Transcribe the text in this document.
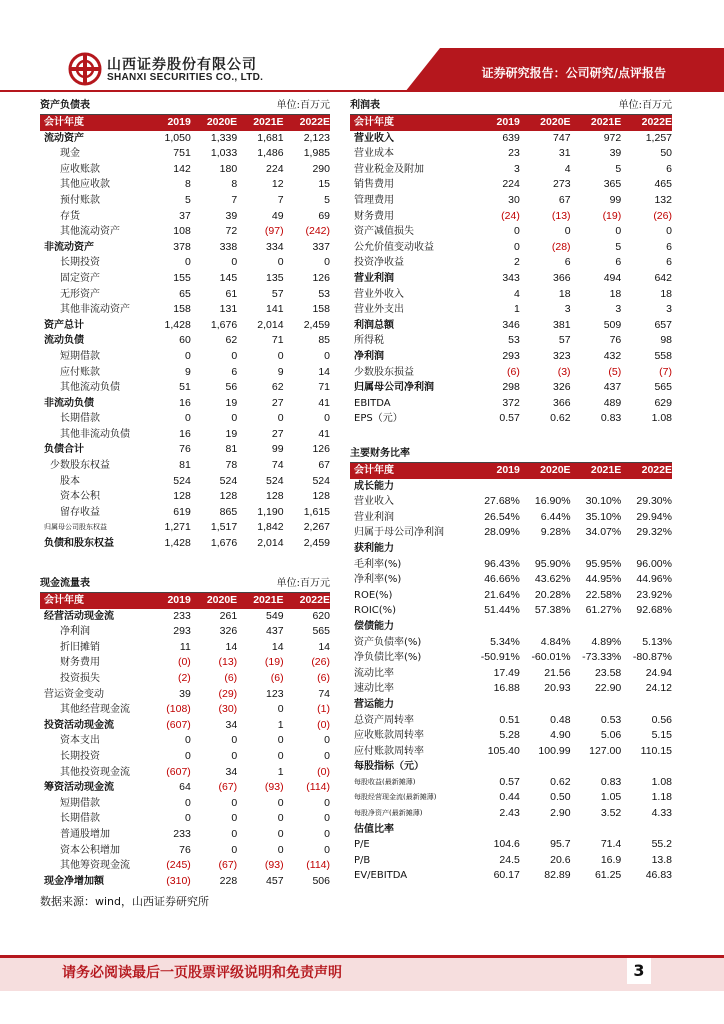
山西证券股份有限公司
SHANXI SECURITIES CO., LTD.	证券研究报告：公司研究/点评报告
资产负债表	单位:百万元
会计年度	2019	2020E	2021E	2022E
流动资产	1,050	1,339	1,681	2,123
现金	751	1,033	1,486	1,985
应收账款	142	180	224	290
其他应收款	8	8	12	15
预付账款	5	7	7	5
存货	37	39	49	69
其他流动资产	108	72	(97)	(242)
非流动资产	378	338	334	337
长期投资	0	0	0	0
固定资产	155	145	135	126
无形资产	65	61	57	53
其他非流动资产	158	131	141	158
资产总计	1,428	1,676	2,014	2,459
流动负债	60	62	71	85
短期借款	0	0	0	0
应付账款	9	6	9	14
其他流动负债	51	56	62	71
非流动负债	16	19	27	41
长期借款	0	0	0	0
其他非流动负债	16	19	27	41
负债合计	76	81	99	126
少数股东权益	81	78	74	67
股本	524	524	524	524
资本公积	128	128	128	128
留存收益	619	865	1,190	1,615
归属母公司股东权益	1,271	1,517	1,842	2,267
负债和股东权益	1,428	1,676	2,014	2,459
现金流量表	单位:百万元
会计年度	2019	2020E	2021E	2022E
经营活动现金流	233	261	549	620
净利润	293	326	437	565
折旧摊销	11	14	14	14
财务费用	(0)	(13)	(19)	(26)
投资损失	(2)	(6)	(6)	(6)
营运资金变动	39	(29)	123	74
其他经营现金流	(108)	(30)	0	(1)
投资活动现金流	(607)	34	1	(0)
资本支出	0	0	0	0
长期投资	0	0	0	0
其他投资现金流	(607)	34	1	(0)
筹资活动现金流	64	(67)	(93)	(114)
短期借款	0	0	0	0
长期借款	0	0	0	0
普通股增加	233	0	0	0
资本公积增加	76	0	0	0
其他筹资现金流	(245)	(67)	(93)	(114)
现金净增加额	(310)	228	457	506
利润表	单位:百万元
会计年度	2019	2020E	2021E	2022E
营业收入	639	747	972	1,257
营业成本	23	31	39	50
营业税金及附加	3	4	5	6
销售费用	224	273	365	465
管理费用	30	67	99	132
财务费用	(24)	(13)	(19)	(26)
资产减值损失	0	0	0	0
公允价值变动收益	0	(28)	5	6
投资净收益	2	6	6	6
营业利润	343	366	494	642
营业外收入	4	18	18	18
营业外支出	1	3	3	3
利润总额	346	381	509	657
所得税	53	57	76	98
净利润	293	323	432	558
少数股东损益	(6)	(3)	(5)	(7)
归属母公司净利润	298	326	437	565
EBITDA	372	366	489	629
EPS（元）	0.57	0.62	0.83	1.08
主要财务比率
会计年度	2019	2020E	2021E	2022E
成长能力				
营业收入	27.68%	16.90%	30.10%	29.30%
营业利润	26.54%	6.44%	35.10%	29.94%
归属于母公司净利润	28.09%	9.28%	34.07%	29.32%
获利能力				
毛利率(%)	96.43%	95.90%	95.95%	96.00%
净利率(%)	46.66%	43.62%	44.95%	44.96%
ROE(%)	21.64%	20.28%	22.58%	23.92%
ROIC(%)	51.44%	57.38%	61.27%	92.68%
偿债能力				
资产负债率(%)	5.34%	4.84%	4.89%	5.13%
净负债比率(%)	-50.91%	-60.01%	-73.33%	-80.87%
流动比率	17.49	21.56	23.58	24.94
速动比率	16.88	20.93	22.90	24.12
营运能力				
总资产周转率	0.51	0.48	0.53	0.56
应收账款周转率	5.28	4.90	5.06	5.15
应付账款周转率	105.40	100.99	127.00	110.15
每股指标（元）				
每股收益(最新摊薄)	0.57	0.62	0.83	1.08
每股经营现金流(最新摊薄)	0.44	0.50	1.05	1.18
每股净资产(最新摊薄)	2.43	2.90	3.52	4.33
估值比率				
P/E	104.6	95.7	71.4	55.2
P/B	24.5	20.6	16.9	13.8
EV/EBITDA	60.17	82.89	61.25	46.83
数据来源：wind，山西证券研究所
请务必阅读最后一页股票评级说明和免责声明	3
